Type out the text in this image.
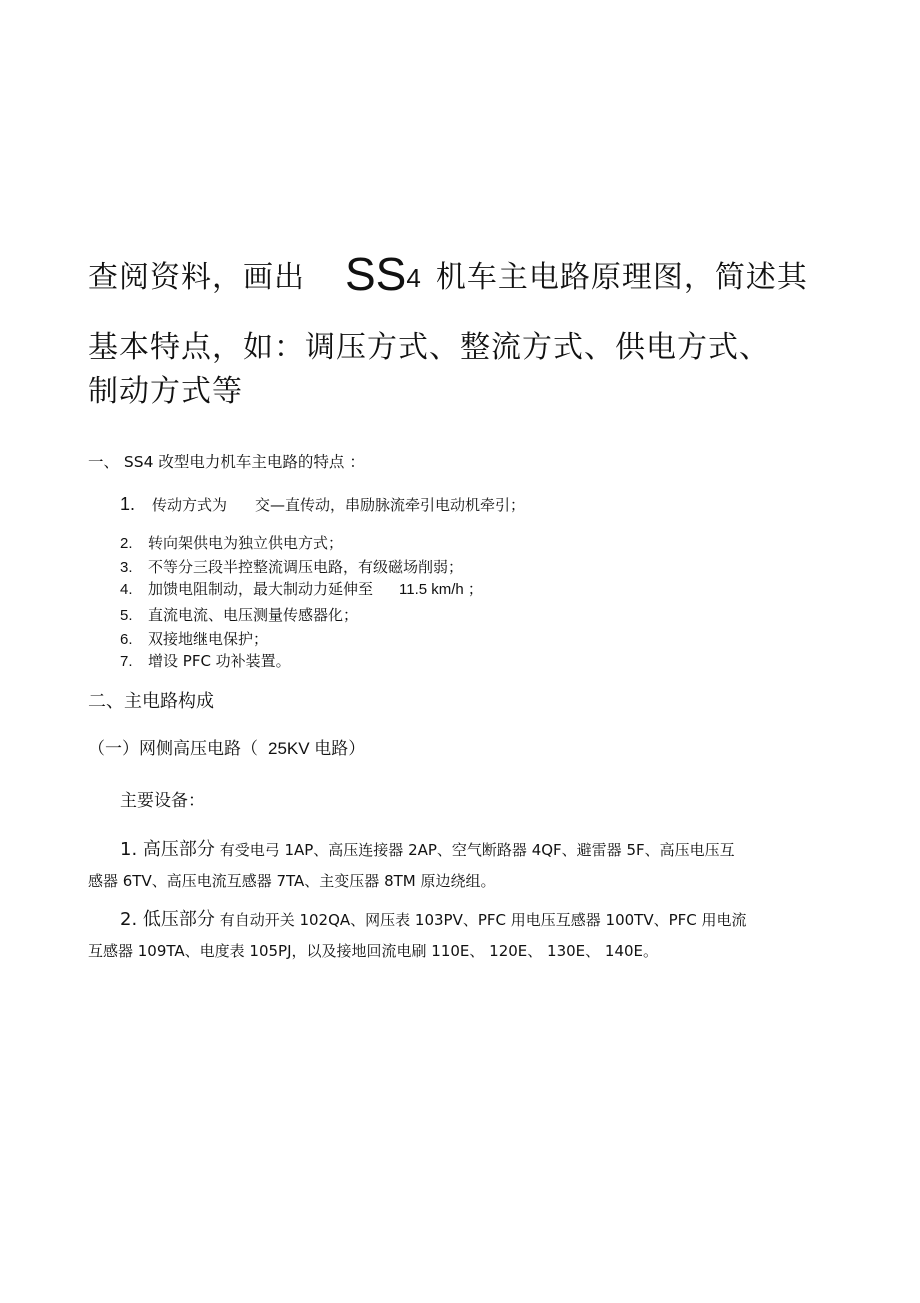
查阅资料，画出 SS4 机车主电路原理图，简述其
基本特点，如：调压方式、整流方式、供电方式、
制动方式等
一、 SS4 改型电力机车主电路的特点 ：
1. 传动方式为 交—直传动，串励脉流牵引电动机牵引；
2. 转向架供电为独立供电方式；
3. 不等分三段半控整流调压电路，有级磁场削弱；
4. 加馈电阻制动，最大制动力延伸至 11.5 km/h ；
5. 直流电流、电压测量传感器化；
6. 双接地继电保护；
7. 增设 PFC 功补装置。
二、主电路构成
（一）网侧高压电路（ 25KV 电路）
主要设备：
1. 高压部分 有受电弓 1AP、高压连接器 2AP、空气断路器 4QF、避雷器 5F、高压电压互
感器 6TV、高压电流互感器 7TA、主变压器 8TM 原边绕组。
2. 低压部分 有自动开关 102QA、网压表 103PV、PFC 用电压互感器 100TV、PFC 用电流
互感器 109TA、电度表 105PJ，以及接地回流电刷 110E、 120E、 130E、 140E。
